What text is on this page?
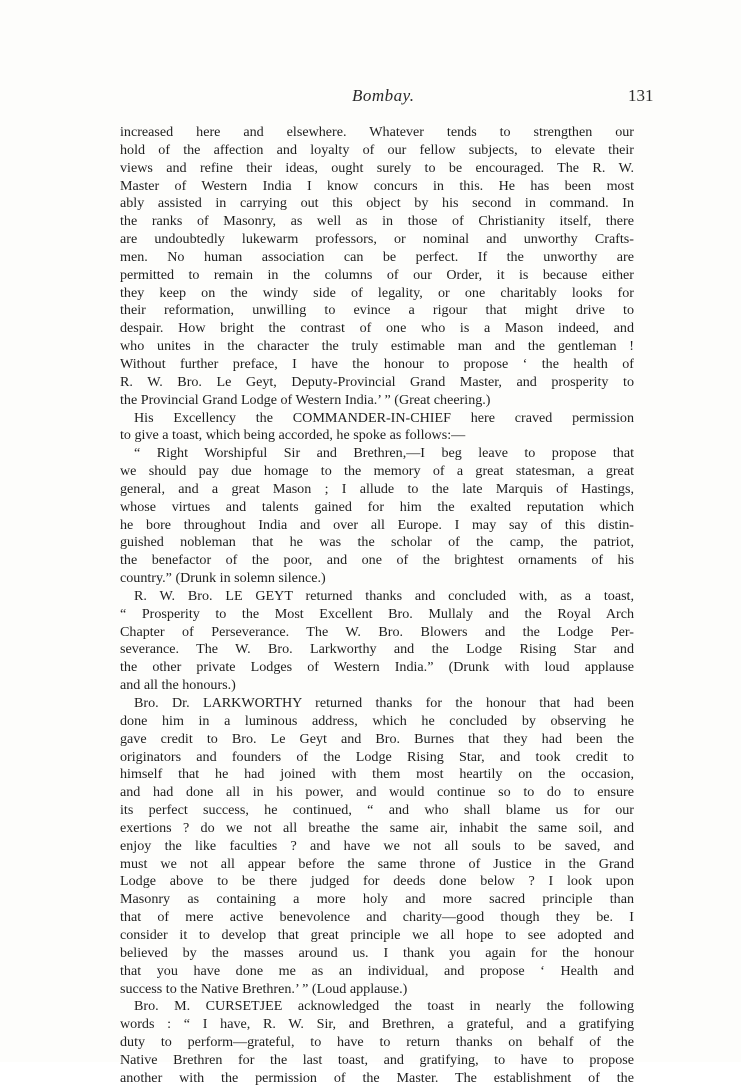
Bombay.	131
increased here and elsewhere. Whatever tends to strengthen our
hold of the affection and loyalty of our fellow subjects, to elevate their
views and refine their ideas, ought surely to be encouraged. The R. W.
Master of Western India I know concurs in this. He has been most
ably assisted in carrying out this object by his second in command. In
the ranks of Masonry, as well as in those of Christianity itself, there
are undoubtedly lukewarm professors, or nominal and unworthy Crafts-
men. No human association can be perfect. If the unworthy are
permitted to remain in the columns of our Order, it is because either
they keep on the windy side of legality, or one charitably looks for
their reformation, unwilling to evince a rigour that might drive to
despair. How bright the contrast of one who is a Mason indeed, and
who unites in the character the truly estimable man and the gentleman !
Without further preface, I have the honour to propose ‘ the health of
R. W. Bro. Le Geyt, Deputy-Provincial Grand Master, and prosperity to
the Provincial Grand Lodge of Western India.’ ” (Great cheering.)
His Excellency the COMMANDER-IN-CHIEF here craved permission
to give a toast, which being accorded, he spoke as follows:—
“ Right Worshipful Sir and Brethren,—I beg leave to propose that
we should pay due homage to the memory of a great statesman, a great
general, and a great Mason ; I allude to the late Marquis of Hastings,
whose virtues and talents gained for him the exalted reputation which
he bore throughout India and over all Europe. I may say of this distin-
guished nobleman that he was the scholar of the camp, the patriot,
the benefactor of the poor, and one of the brightest ornaments of his
country.” (Drunk in solemn silence.)
R. W. Bro. LE GEYT returned thanks and concluded with, as a toast,
“ Prosperity to the Most Excellent Bro. Mullaly and the Royal Arch
Chapter of Perseverance. The W. Bro. Blowers and the Lodge Per-
severance. The W. Bro. Larkworthy and the Lodge Rising Star and
the other private Lodges of Western India.” (Drunk with loud applause
and all the honours.)
Bro. Dr. LARKWORTHY returned thanks for the honour that had been
done him in a luminous address, which he concluded by observing he
gave credit to Bro. Le Geyt and Bro. Burnes that they had been the
originators and founders of the Lodge Rising Star, and took credit to
himself that he had joined with them most heartily on the occasion,
and had done all in his power, and would continue so to do to ensure
its perfect success, he continued, “ and who shall blame us for our
exertions ? do we not all breathe the same air, inhabit the same soil, and
enjoy the like faculties ? and have we not all souls to be saved, and
must we not all appear before the same throne of Justice in the Grand
Lodge above to be there judged for deeds done below ? I look upon
Masonry as containing a more holy and more sacred principle than
that of mere active benevolence and charity—good though they be. I
consider it to develop that great principle we all hope to see adopted and
believed by the masses around us. I thank you again for the honour
that you have done me as an individual, and propose ‘ Health and
success to the Native Brethren.’ ” (Loud applause.)
Bro. M. CURSETJEE acknowledged the toast in nearly the following
words : “ I have, R. W. Sir, and Brethren, a grateful, and a gratifying
duty to perform—grateful, to have to return thanks on behalf of the
Native Brethren for the last toast, and gratifying, to have to propose
another with the permission of the Master. The establishment of the
